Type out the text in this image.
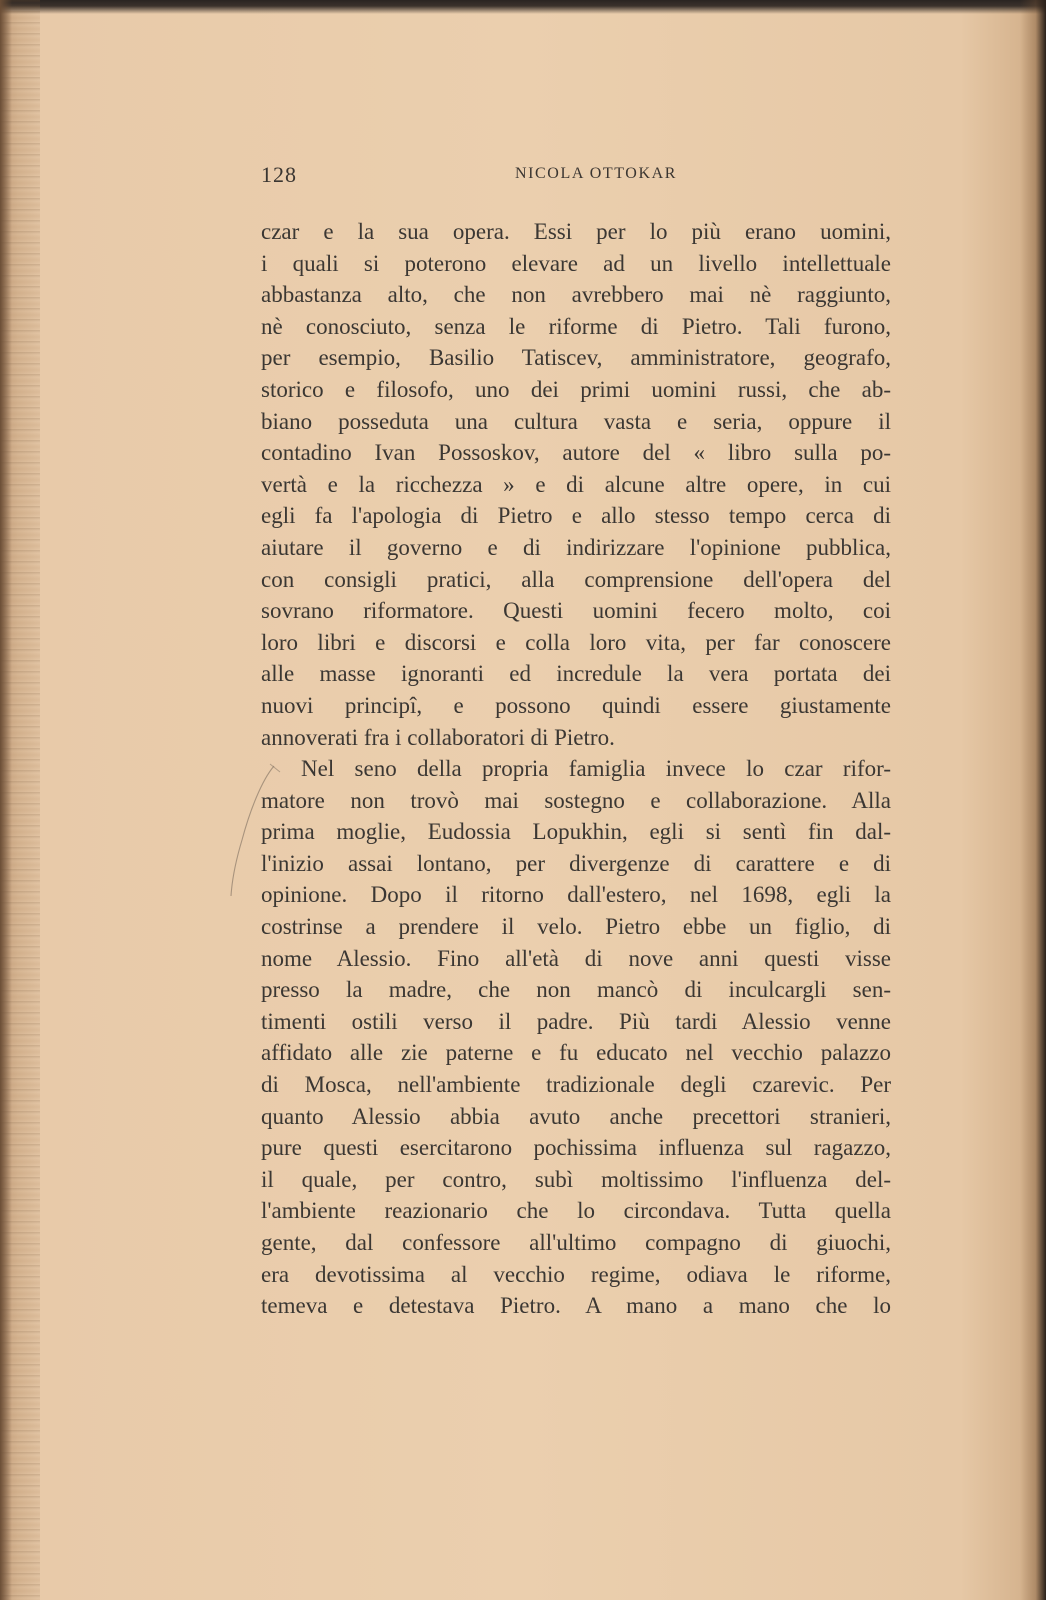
128	NICOLA OTTOKAR
czar e la sua opera. Essi per lo più erano uomini,
i quali si poterono elevare ad un livello intellettuale
abbastanza alto, che non avrebbero mai nè raggiunto,
nè conosciuto, senza le riforme di Pietro. Tali furono,
per esempio, Basilio Tatiscev, amministratore, geografo,
storico e filosofo, uno dei primi uomini russi, che ab-
biano posseduta una cultura vasta e seria, oppure il
contadino Ivan Possoskov, autore del « libro sulla po-
vertà e la ricchezza » e di alcune altre opere, in cui
egli fa l'apologia di Pietro e allo stesso tempo cerca di
aiutare il governo e di indirizzare l'opinione pubblica,
con consigli pratici, alla comprensione dell'opera del
sovrano riformatore. Questi uomini fecero molto, coi
loro libri e discorsi e colla loro vita, per far conoscere
alle masse ignoranti ed incredule la vera portata dei
nuovi principî, e possono quindi essere giustamente
annoverati fra i collaboratori di Pietro.
Nel seno della propria famiglia invece lo czar rifor-
matore non trovò mai sostegno e collaborazione. Alla
prima moglie, Eudossia Lopukhin, egli si sentì fin dal-
l'inizio assai lontano, per divergenze di carattere e di
opinione. Dopo il ritorno dall'estero, nel 1698, egli la
costrinse a prendere il velo. Pietro ebbe un figlio, di
nome Alessio. Fino all'età di nove anni questi visse
presso la madre, che non mancò di inculcargli sen-
timenti ostili verso il padre. Più tardi Alessio venne
affidato alle zie paterne e fu educato nel vecchio palazzo
di Mosca, nell'ambiente tradizionale degli czarevic. Per
quanto Alessio abbia avuto anche precettori stranieri,
pure questi esercitarono pochissima influenza sul ragazzo,
il quale, per contro, subì moltissimo l'influenza del-
l'ambiente reazionario che lo circondava. Tutta quella
gente, dal confessore all'ultimo compagno di giuochi,
era devotissima al vecchio regime, odiava le riforme,
temeva e detestava Pietro. A mano a mano che lo
